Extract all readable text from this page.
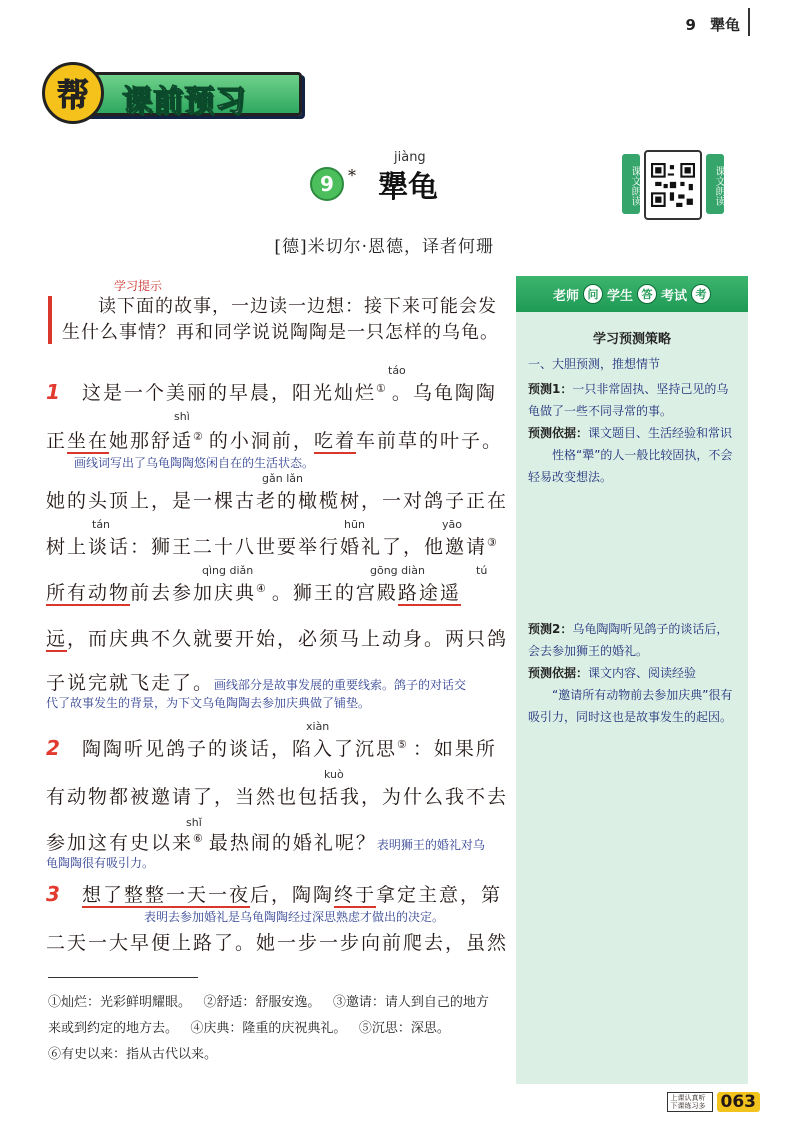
9 犟龟
帮 课前预习
jiàng
9 * 犟龟	课文朗读	课文朗读
[德]米切尔·恩德，译者何珊
学习提示

读下面的故事，一边读一边想：接下来可能会发生什么事情？再和同学说说陶陶是一只怎样的乌龟。

táo
1 这是一个美丽的早晨，阳光灿烂① 。乌龟陶陶
shì
正坐在她那舒适② 的小洞前，吃着车前草的叶子。
画线词写出了乌龟陶陶悠闲自在的生活状态。
gǎn lǎn
她的头顶上，是一棵古老的橄榄树，一对鸽子正在
tán	hūn	yāo
树上谈话：狮王二十八世要举行婚礼了，他邀请③
qìng diǎn	gōng diàn	tú
所有动物前去参加庆典④ 。狮王的宫殿路途遥
远，而庆典不久就要开始，必须马上动身。两只鸽
子说完就飞走了。画线部分是故事发展的重要线索。鸽子的对话交
代了故事发生的背景，为下文乌龟陶陶去参加庆典做了铺垫。
xiàn
2 陶陶听见鸽子的谈话，陷入了沉思⑤ ：如果所
kuò
有动物都被邀请了，当然也包括我，为什么我不去
shǐ
参加这有史以来⑥ 最热闹的婚礼呢？表明狮王的婚礼对乌
龟陶陶很有吸引力。
3 想了整整一天一夜后，陶陶终于拿定主意，第
表明去参加婚礼是乌龟陶陶经过深思熟虑才做出的决定。
二天一大早便上路了。她一步一步向前爬去，虽然
老师 问 学生 答 考试 考
学习预测策略
一、大胆预测，推想情节
预测1：一只非常固执、坚持己见的乌龟做了一些不同寻常的事。
预测依据：课文题目、生活经验和常识
性格“犟”的人一般比较固执，不会轻易改变想法。
预测2：乌龟陶陶听见鸽子的谈话后，会去参加狮王的婚礼。
预测依据：课文内容、阅读经验
“邀请所有动物前去参加庆典”很有吸引力，同时这也是故事发生的起因。
①灿烂：光彩鲜明耀眼。 ②舒适：舒服安逸。 ③邀请：请人到自己的地方
来或到约定的地方去。 ④庆典：隆重的庆祝典礼。 ⑤沉思：深思。
⑥有史以来：指从古代以来。
上课认真听 下课练习多 063
